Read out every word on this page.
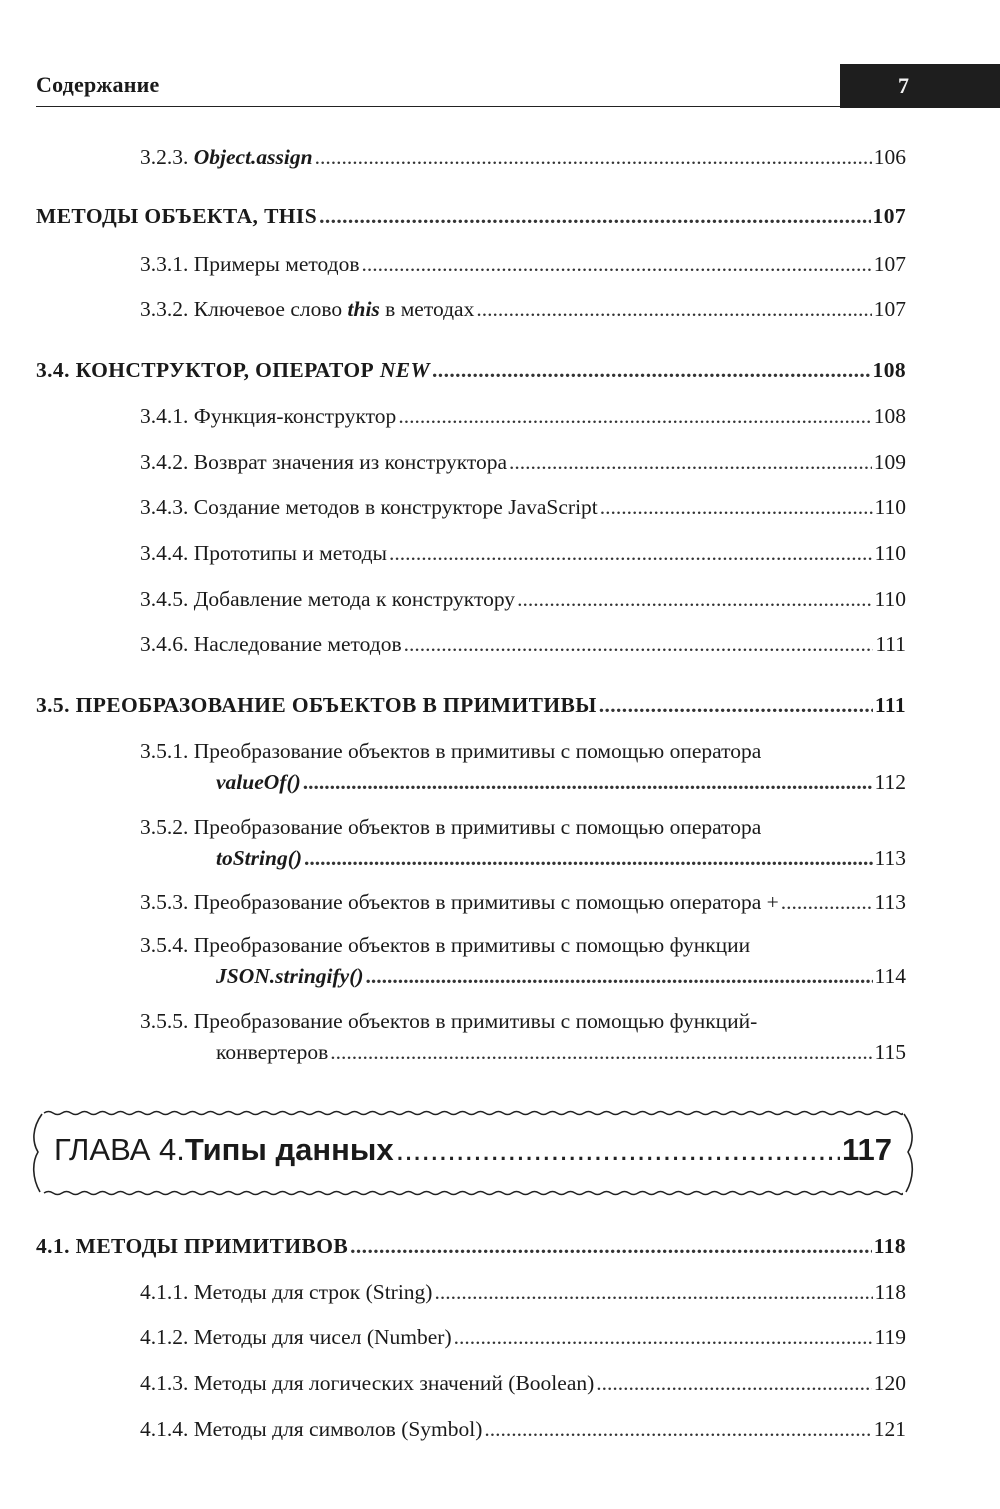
Содержание	7
3.2.3. Object.assign .....	106
МЕТОДЫ ОБЪЕКТА, THIS .....	107
3.3.1. Примеры методов .....	107
3.3.2. Ключевое слово this в методах .....	107
3.4. КОНСТРУКТОР, ОПЕРАТОР NEW .....	108
3.4.1. Функция-конструктор .....	108
3.4.2. Возврат значения из конструктора .....	109
3.4.3. Создание методов в конструкторе JavaScript .....	110
3.4.4. Прототипы и методы .....	110
3.4.5. Добавление метода к конструктору .....	110
3.4.6. Наследование методов .....	111
3.5. ПРЕОБРАЗОВАНИЕ ОБЪЕКТОВ В ПРИМИТИВЫ .....	111
3.5.1. Преобразование объектов в примитивы с помощью оператора
valueOf() .....	112
3.5.2. Преобразование объектов в примитивы с помощью оператора
toString() .....	113
3.5.3. Преобразование объектов в примитивы с помощью оператора + .....	113
3.5.4. Преобразование объектов в примитивы с помощью функции
JSON.stringify() .....	114
3.5.5. Преобразование объектов в примитивы с помощью функций-
конвертеров .....	115
ГЛАВА 4. Типы данных .....	117
4.1. МЕТОДЫ ПРИМИТИВОВ .....	118
4.1.1. Методы для строк (String) .....	118
4.1.2. Методы для чисел (Number) .....	119
4.1.3. Методы для логических значений (Boolean) .....	120
4.1.4. Методы для символов (Symbol) .....	121
